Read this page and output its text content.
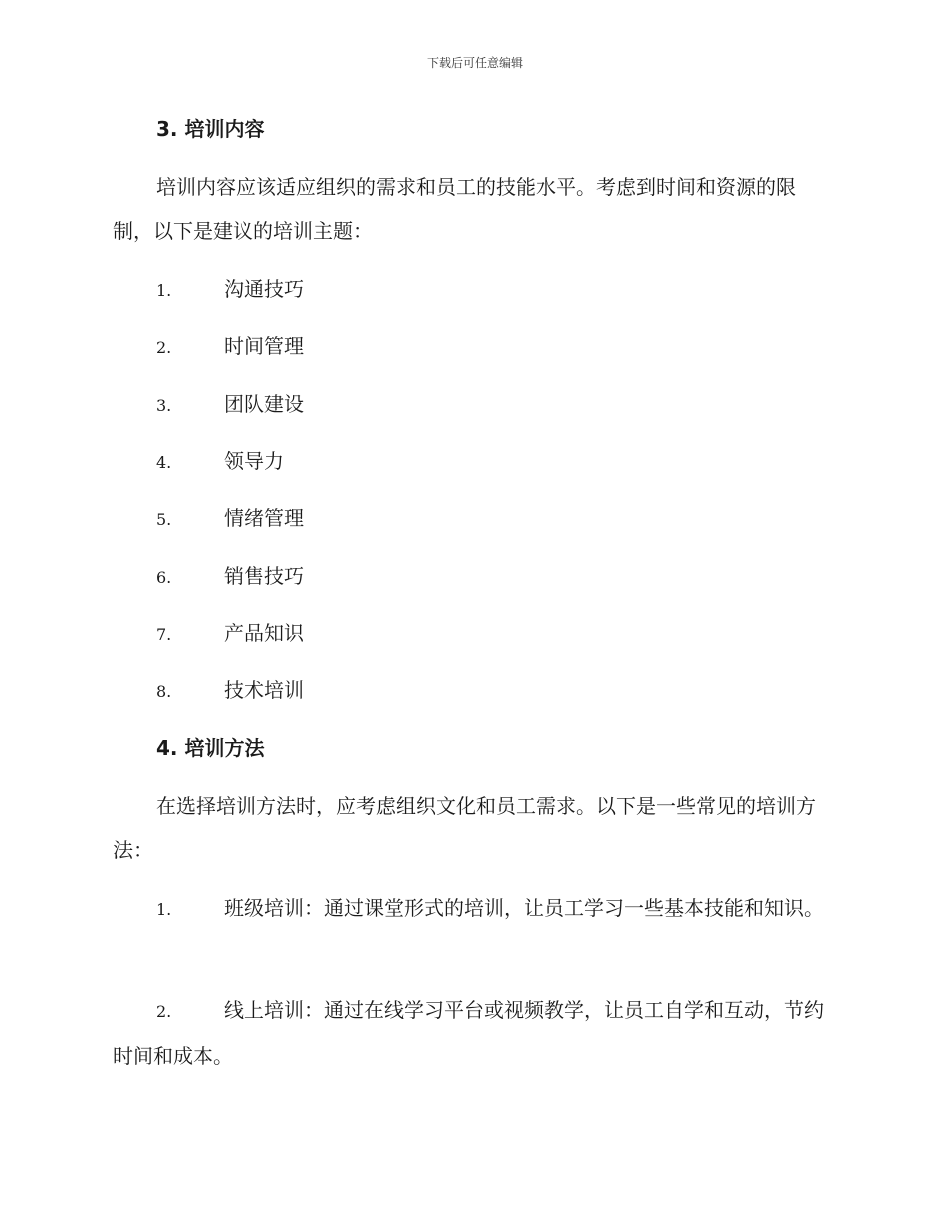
下载后可任意编辑
3. 培训内容
培训内容应该适应组织的需求和员工的技能水平。考虑到时间和资源的限制，以下是建议的培训主题：
1.	沟通技巧
2.	时间管理
3.	团队建设
4.	领导力
5.	情绪管理
6.	销售技巧
7.	产品知识
8.	技术培训
4. 培训方法
在选择培训方法时，应考虑组织文化和员工需求。以下是一些常见的培训方法：
1.	班级培训：通过课堂形式的培训，让员工学习一些基本技能和知识。
2.	线上培训：通过在线学习平台或视频教学，让员工自学和互动，节约时间和成本。
